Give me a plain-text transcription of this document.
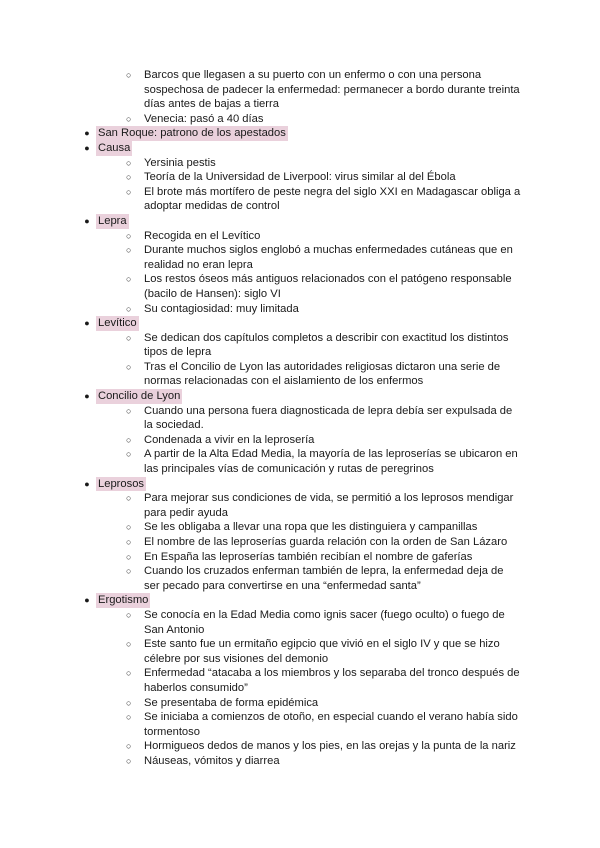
○ Barcos que llegasen a su puerto con un enfermo o con una persona sospechosa de padecer la enfermedad: permanecer a bordo durante treinta días antes de bajas a tierra
○ Venecia: pasó a 40 días
● San Roque: patrono de los apestados
● Causa
○ Yersinia pestis
○ Teoría de la Universidad de Liverpool: virus similar al del Ébola
○ El brote más mortífero de peste negra del siglo XXI en Madagascar obliga a adoptar medidas de control
● Lepra
○ Recogida en el Levítico
○ Durante muchos siglos englobó a muchas enfermedades cutáneas que en realidad no eran lepra
○ Los restos óseos más antiguos relacionados con el patógeno responsable (bacilo de Hansen): siglo VI
○ Su contagiosidad: muy limitada
● Levítico
○ Se dedican dos capítulos completos a describir con exactitud los distintos tipos de lepra
○ Tras el Concilio de Lyon las autoridades religiosas dictaron una serie de normas relacionadas con el aislamiento de los enfermos
● Concilio de Lyon
○ Cuando una persona fuera diagnosticada de lepra debía ser expulsada de la sociedad.
○ Condenada a vivir en la leprosería
○ A partir de la Alta Edad Media, la mayoría de las leproserías se ubicaron en las principales vías de comunicación y rutas de peregrinos
● Leprosos
○ Para mejorar sus condiciones de vida, se permitió a los leprosos mendigar para pedir ayuda
○ Se les obligaba a llevar una ropa que les distinguiera y campanillas
○ El nombre de las leproserías guarda relación con la orden de San Lázaro
○ En España las leproserías también recibían el nombre de gaferías
○ Cuando los cruzados enferman también de lepra, la enfermedad deja de ser pecado para convertirse en una “enfermedad santa”
● Ergotismo
○ Se conocía en la Edad Media como ignis sacer (fuego oculto) o fuego de San Antonio
○ Este santo fue un ermitaño egipcio que vivió en el siglo IV y que se hizo célebre por sus visiones del demonio
○ Enfermedad “atacaba a los miembros y los separaba del tronco después de haberlos consumido”
○ Se presentaba de forma epidémica
○ Se iniciaba a comienzos de otoño, en especial cuando el verano había sido tormentoso
○ Hormigueos dedos de manos y los pies, en las orejas y la punta de la nariz
○ Náuseas, vómitos y diarrea
